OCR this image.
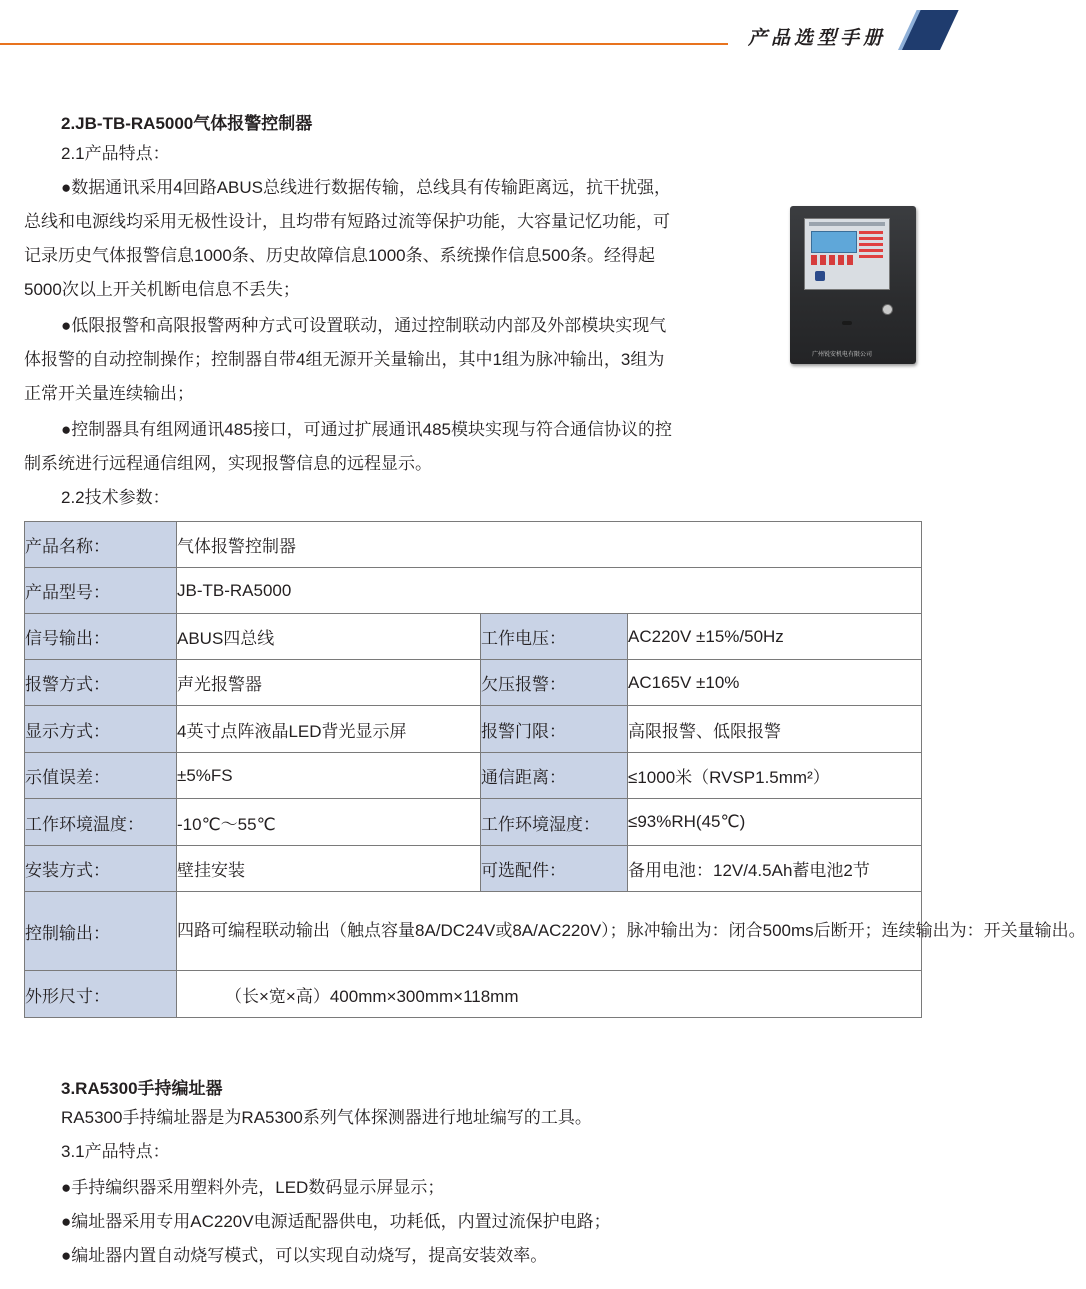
产品选型手册
2.JB-TB-RA5000气体报警控制器
2.1产品特点：
●数据通讯采用4回路ABUS总线进行数据传输，总线具有传输距离远，抗干扰强，
总线和电源线均采用无极性设计，且均带有短路过流等保护功能，大容量记忆功能，可
记录历史气体报警信息1000条、历史故障信息1000条、系统操作信息500条。经得起
5000次以上开关机断电信息不丢失；
●低限报警和高限报警两种方式可设置联动，通过控制联动内部及外部模块实现气
体报警的自动控制操作；控制器自带4组无源开关量输出，其中1组为脉冲输出，3组为
正常开关量连续输出；
●控制器具有组网通讯485接口，可通过扩展通讯485模块实现与符合通信协议的控
制系统进行远程通信组网，实现报警信息的远程显示。
2.2技术参数：
广州锐安机电有限公司
产品名称：	气体报警控制器		
产品型号：	JB-TB-RA5000		
信号输出：	ABUS四总线	工作电压：	AC220V ±15%/50Hz
报警方式：	声光报警器	欠压报警：	AC165V ±10%
显示方式：	4英寸点阵液晶LED背光显示屏	报警门限：	高限报警、低限报警
示值误差：	±5%FS	通信距离：	≤1000米（RVSP1.5mm²）
工作环境温度：	-10℃～55℃	工作环境湿度：	≤93%RH(45℃)
安装方式：	壁挂安装	可选配件：	备用电池：12V/4.5Ah蓄电池2节
控制输出：	四路可编程联动输出（触点容量8A/DC24V或8A/AC220V）；脉冲输出为：闭合500ms后断开；连续输出为：开关量输出。		
外形尺寸：	（长×宽×高）400mm×300mm×118mm		
3.RA5300手持编址器
RA5300手持编址器是为RA5300系列气体探测器进行地址编写的工具。
3.1产品特点：
●手持编织器采用塑料外壳，LED数码显示屏显示；
●编址器采用专用AC220V电源适配器供电，功耗低，内置过流保护电路；
●编址器内置自动烧写模式，可以实现自动烧写，提高安装效率。
